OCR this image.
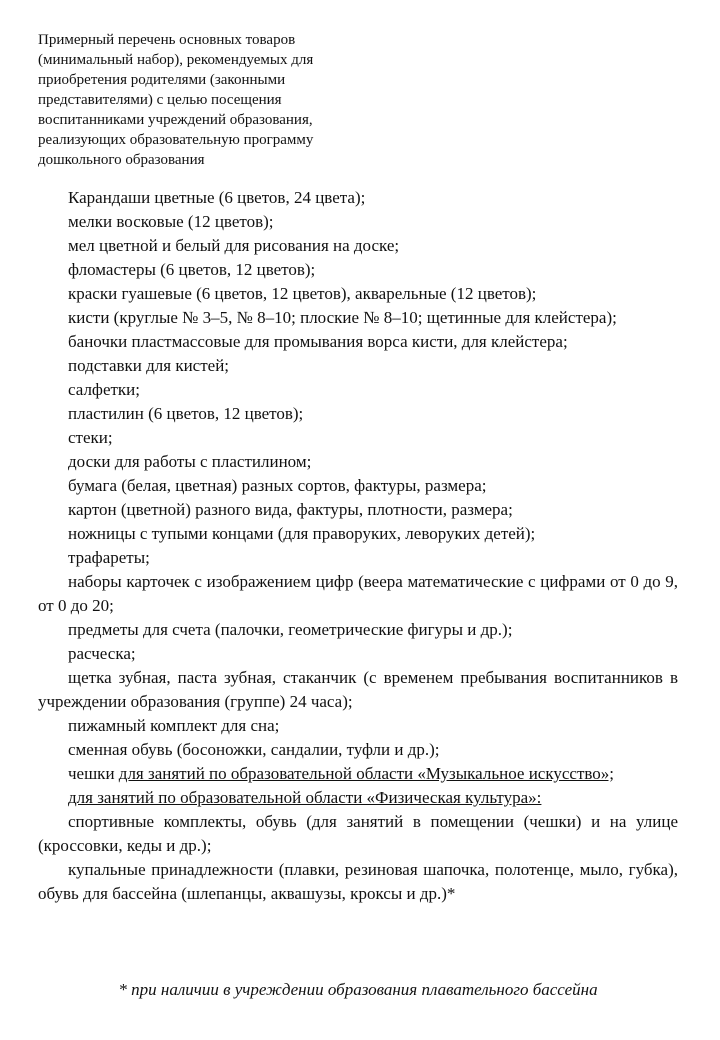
Примерный перечень основных товаров
(минимальный набор), рекомендуемых для
приобретения родителями (законными
представителями) с целью посещения
воспитанниками учреждений образования,
реализующих образовательную программу
дошкольного образования
Карандаши цветные (6 цветов, 24 цвета);
мелки восковые (12 цветов);
мел цветной и белый для рисования на доске;
фломастеры (6 цветов, 12 цветов);
краски гуашевые (6 цветов, 12 цветов), акварельные (12 цветов);
кисти (круглые № 3–5, № 8–10; плоские № 8–10; щетинные для клейстера);
баночки пластмассовые для промывания ворса кисти, для клейстера;
подставки для кистей;
салфетки;
пластилин (6 цветов, 12 цветов);
стеки;
доски для работы с пластилином;
бумага (белая, цветная) разных сортов, фактуры, размера;
картон (цветной) разного вида, фактуры, плотности, размера;
ножницы с тупыми концами (для праворуких, леворуких детей);
трафареты;
наборы карточек с изображением цифр (веера математические с цифрами от 0 до 9, от 0 до 20;
предметы для счета (палочки, геометрические фигуры и др.);
расческа;
щетка зубная, паста зубная, стаканчик (с временем пребывания воспитанников в учреждении образования (группе) 24 часа);
пижамный комплект для сна;
сменная обувь (босоножки, сандалии, туфли и др.);
чешки для занятий по образовательной области «Музыкальное искусство»;
для занятий по образовательной области «Физическая культура»:
спортивные комплекты, обувь (для занятий в помещении (чешки) и на улице (кроссовки, кеды и др.);
купальные принадлежности (плавки, резиновая шапочка, полотенце, мыло, губка), обувь для бассейна (шлепанцы, аквашузы, кроксы и др.)*
* при наличии в учреждении образования плавательного бассейна
